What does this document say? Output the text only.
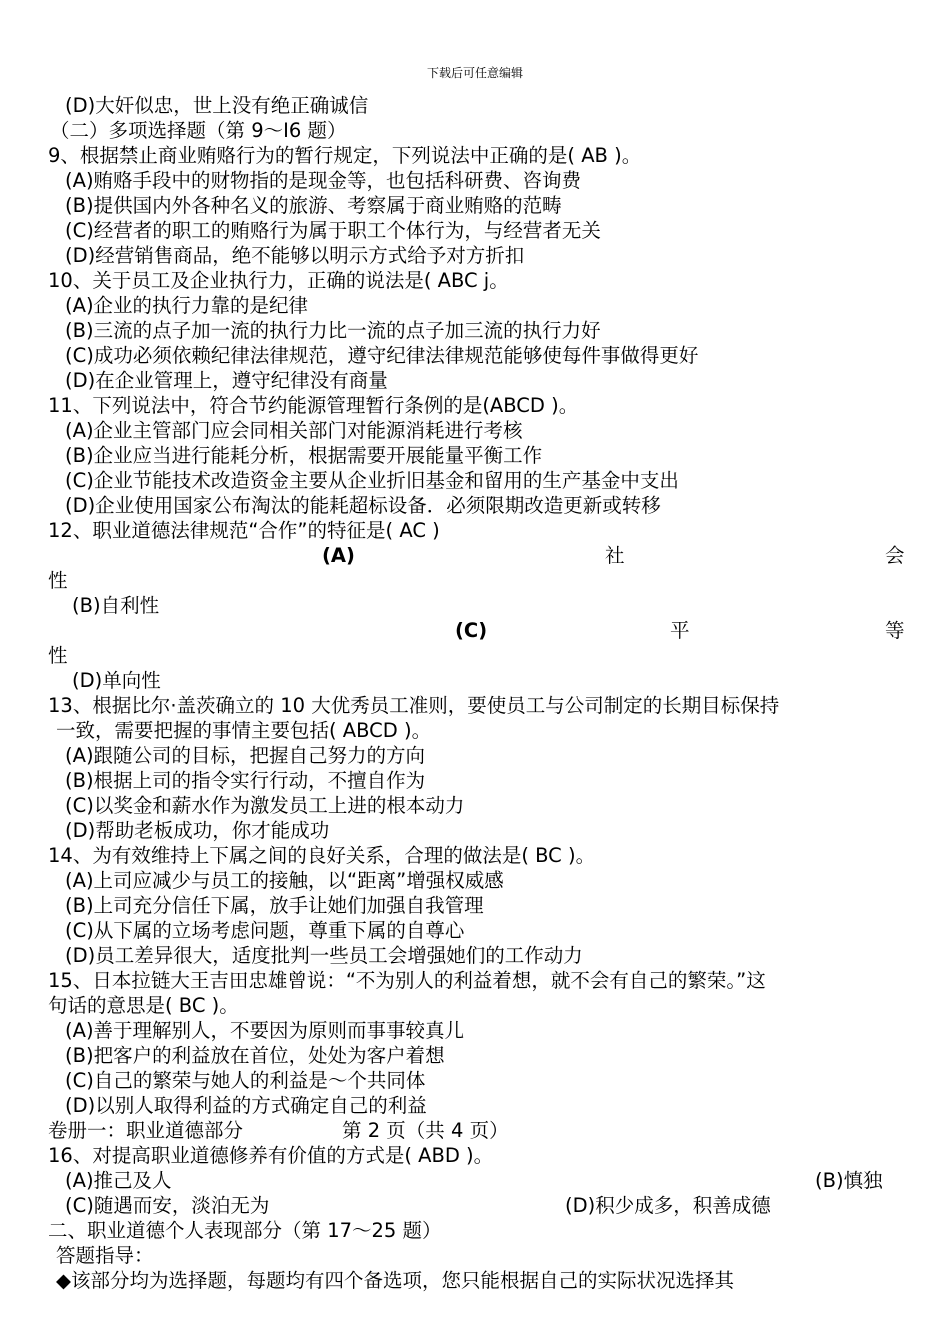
下载后可任意编辑
(D)大奸似忠，世上没有绝正确诚信
（二）多项选择题（第 9～I6 题）
9、根据禁止商业贿赂行为的暂行规定，下列说法中正确的是( AB )。
(A)贿赂手段中的财物指的是现金等，也包括科研费、咨询费
(B)提供国内外各种名义的旅游、考察属于商业贿赂的范畴
(C)经营者的职工的贿赂行为属于职工个体行为，与经营者无关
(D)经营销售商品，绝不能够以明示方式给予对方折扣
10、关于员工及企业执行力，正确的说法是( ABC j。
(A)企业的执行力靠的是纪律
(B)三流的点子加一流的执行力比一流的点子加三流的执行力好
(C)成功必须依赖纪律法律规范，遵守纪律法律规范能够使每件事做得更好
(D)在企业管理上，遵守纪律没有商量
11、下列说法中，符合节约能源管理暂行条例的是(ABCD )。
(A)企业主管部门应会同相关部门对能源消耗进行考核
(B)企业应当进行能耗分析，根据需要开展能量平衡工作
(C)企业节能技术改造资金主要从企业折旧基金和留用的生产基金中支出
(D)企业使用国家公布淘汰的能耗超标设备．必须限期改造更新或转移
12、职业道德法律规范“合作”的特征是( AC )
(A)	社	会
性
(B)自利性
(C)	平	等
性
(D)单向性
13、根据比尔·盖茨确立的 10 大优秀员工准则，要使员工与公司制定的长期目标保持
一致，需要把握的事情主要包括( ABCD )。
(A)跟随公司的目标，把握自己努力的方向
(B)根据上司的指令实行行动，不擅自作为
(C)以奖金和薪水作为激发员工上进的根本动力
(D)帮助老板成功，你才能成功
14、为有效维持上下属之间的良好关系，合理的做法是( BC )。
(A)上司应减少与员工的接触，以“距离”增强权威感
(B)上司充分信任下属，放手让她们加强自我管理
(C)从下属的立场考虑问题，尊重下属的自尊心
(D)员工差异很大，适度批判一些员工会增强她们的工作动力
15、日本拉链大王吉田忠雄曾说：“不为别人的利益着想，就不会有自己的繁荣。”这
句话的意思是( BC )。
(A)善于理解别人，不要因为原则而事事较真儿
(B)把客户的利益放在首位，处处为客户着想
(C)自己的繁荣与她人的利益是～个共同体
(D)以别人取得利益的方式确定自己的利益
卷册一：职业道德部分	第 2 页（共 4 页）
16、对提高职业道德修养有价值的方式是( ABD )。
(A)推己及人	(B)慎独
(C)随遇而安，淡泊无为	(D)积少成多，积善成德
二、职业道德个人表现部分（第 17～25 题）
答题指导：
◆该部分均为选择题，每题均有四个备选项，您只能根据自己的实际状况选择其
